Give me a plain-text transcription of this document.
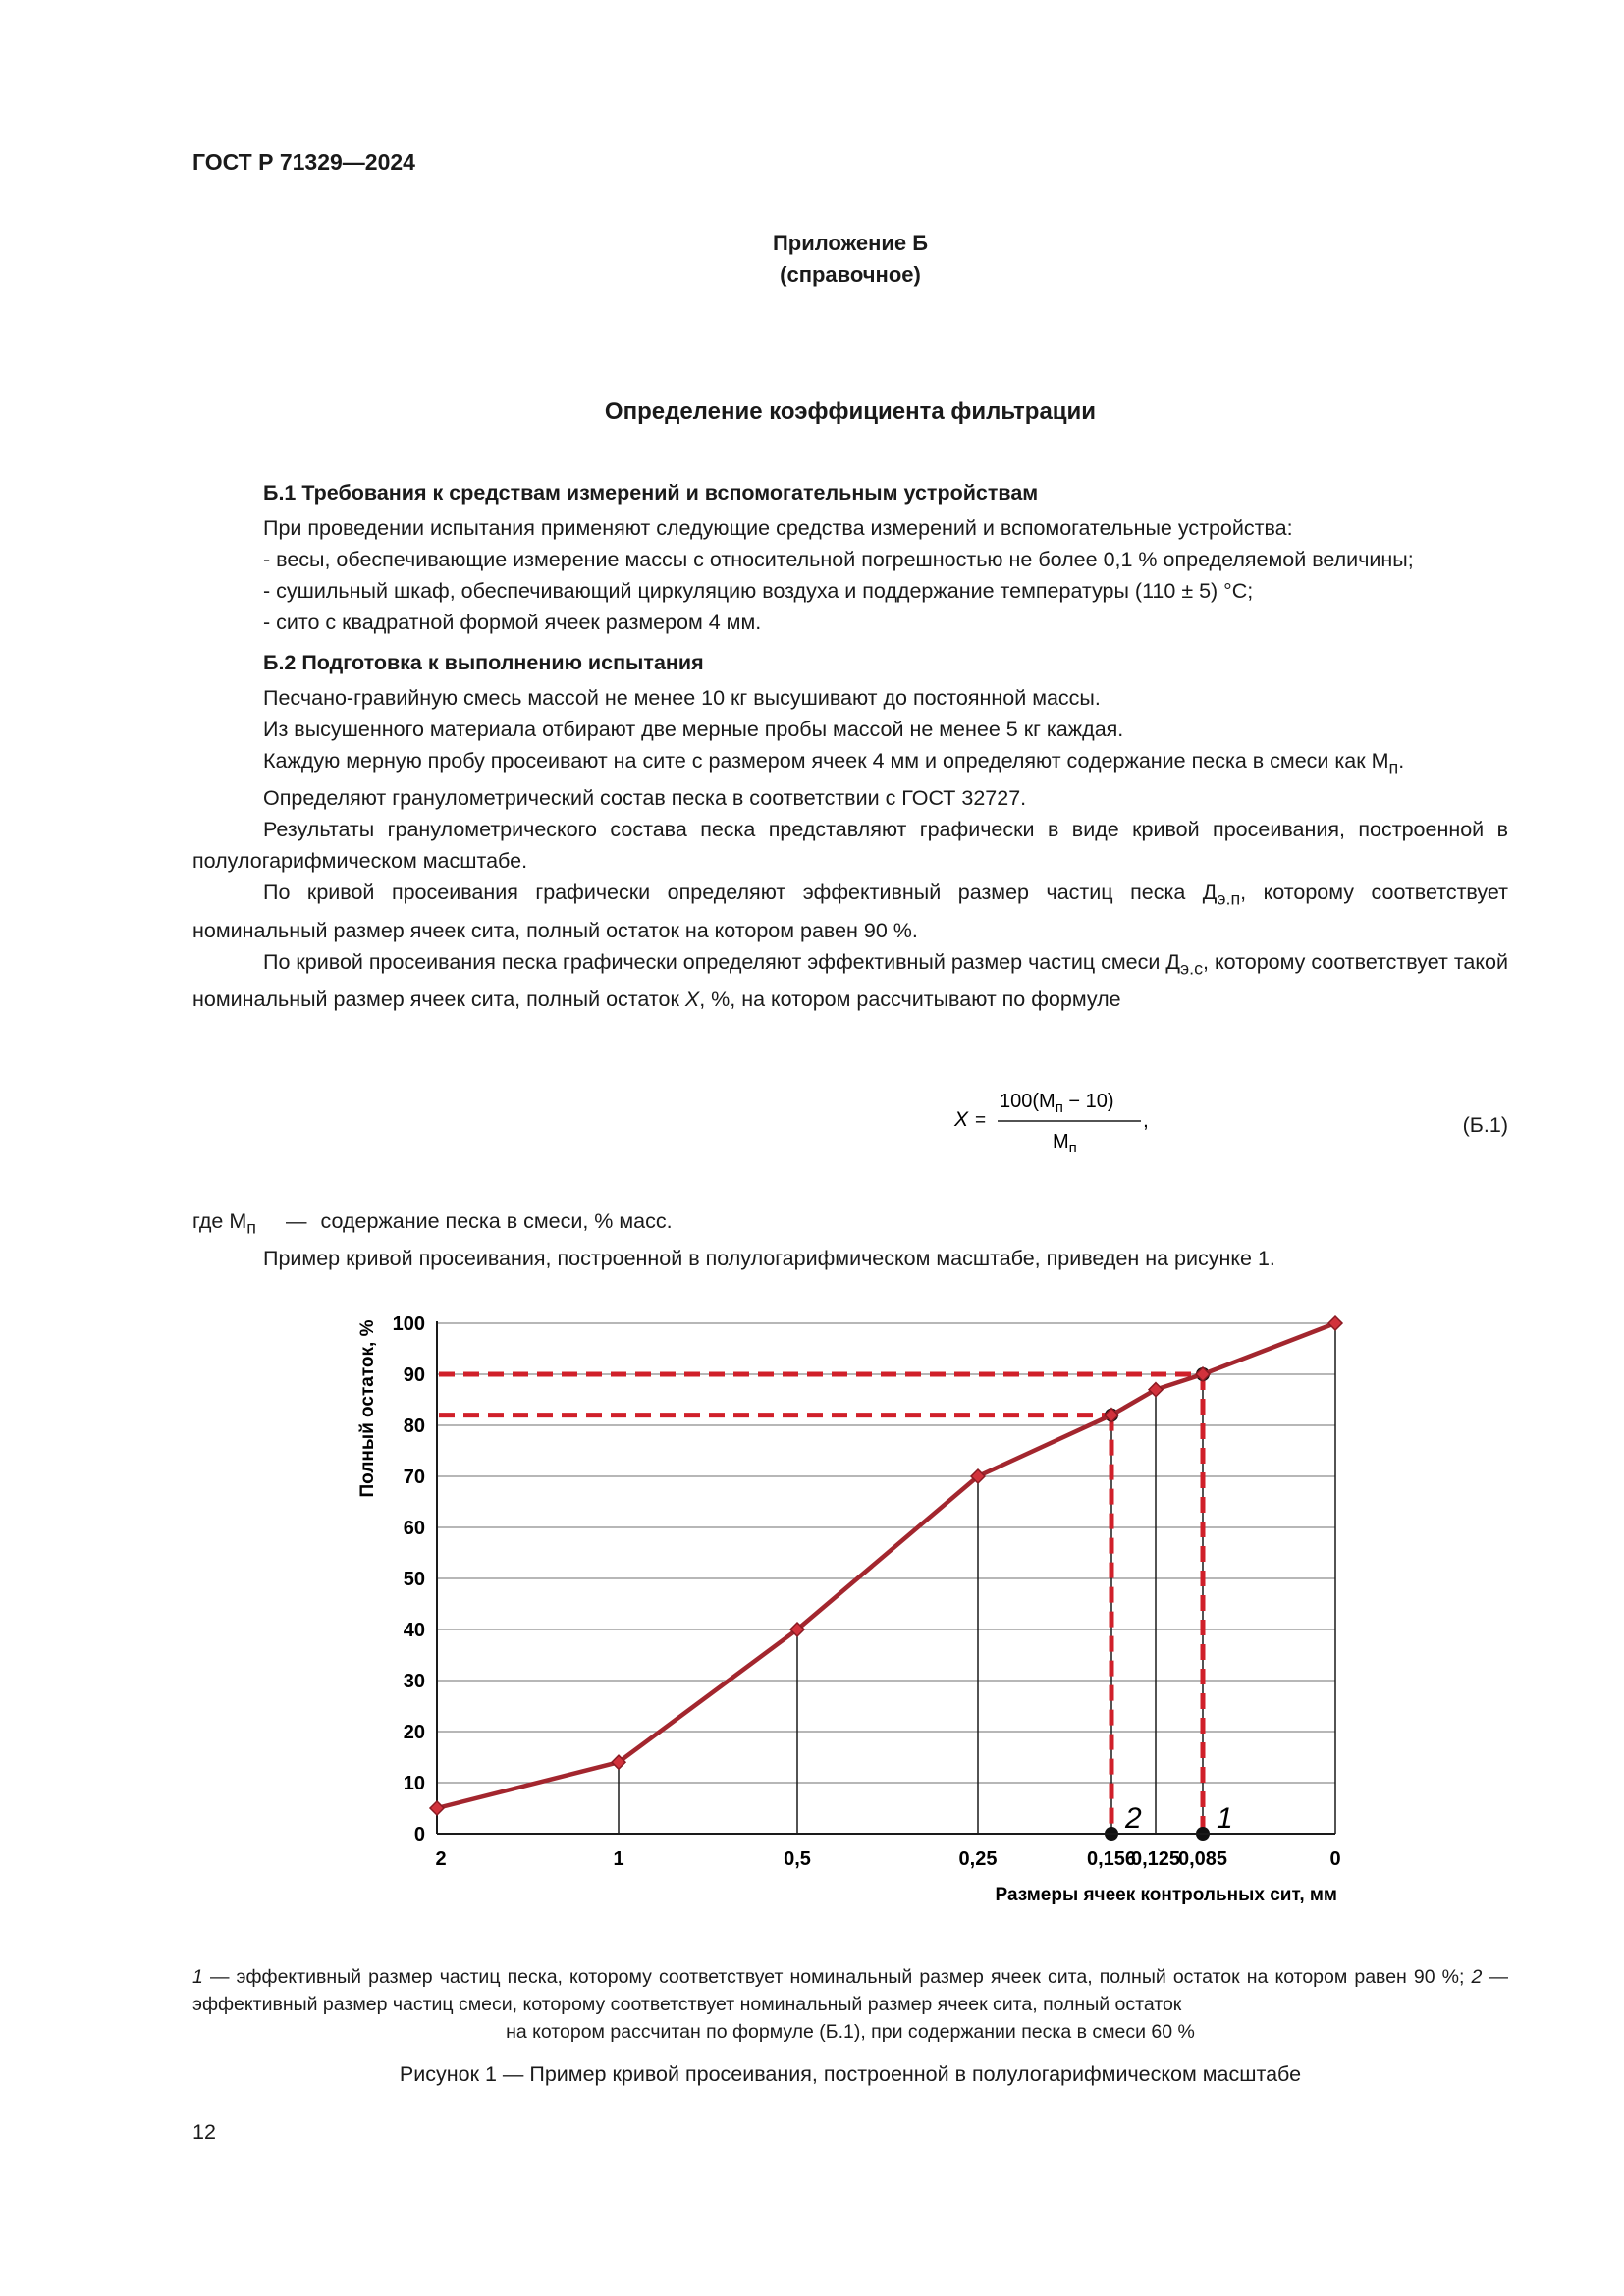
ГОСТ Р 71329—2024
Приложение Б
(справочное)
Определение коэффициента фильтрации

Б.1 Требования к средствам измерений и вспомогательным устройствам

При проведении испытания применяют следующие средства измерений и вспомогательные устройства:

- весы, обеспечивающие измерение массы с относительной погрешностью не более 0,1 % определяемой величины;

- сушильный шкаф, обеспечивающий циркуляцию воздуха и поддержание температуры (110 ± 5) °С;

- сито с квадратной формой ячеек размером 4 мм.

Б.2 Подготовка к выполнению испытания

Песчано-гравийную смесь массой не менее 10 кг высушивают до постоянной массы.

Из высушенного материала отбирают две мерные пробы массой не менее 5 кг каждая.

Каждую мерную пробу просеивают на сите с размером ячеек 4 мм и определяют содержание песка в смеси как $М_п$.

Определяют гранулометрический состав песка в соответствии с ГОСТ 32727.

Результаты гранулометрического состава песка представляют графически в виде кривой просеивания, построенной в полулогарифмическом масштабе.

По кривой просеивания графически определяют эффективный размер частиц песка $Д_{э.п}$, которому соответствует номинальный размер ячеек сита, полный остаток на котором равен 90 %.

По кривой просеивания песка графически определяют эффективный размер частиц смеси $Д_{э.с}$, которому соответствует такой номинальный размер ячеек сита, полный остаток X, %, на котором рассчитывают по формуле

X =
$100(М_п - 10)$
$М_п$
,	(Б.1)

где $М_п$ — содержание песка в смеси, % масс.

Пример кривой просеивания, построенной в полулогарифмическом масштабе, приведен на рисунке 1.

1
2
0
10
20
30
40
50
60
70
80
90
100
2	1	0,5	0,25	0,156
0,125
0,085	0
Полный остаток, %
Размеры ячеек контрольных сит, мм
1 — эффективный размер частиц песка, которому соответствует номинальный размер ячеек сита, полный остаток на котором равен 90 %; 2 — эффективный размер частиц смеси, которому соответствует номинальный размер ячеек сита, полный остаток
на котором рассчитан по формуле (Б.1), при содержании песка в смеси 60 %
Рисунок 1 — Пример кривой просеивания, построенной в полулогарифмическом масштабе
12
